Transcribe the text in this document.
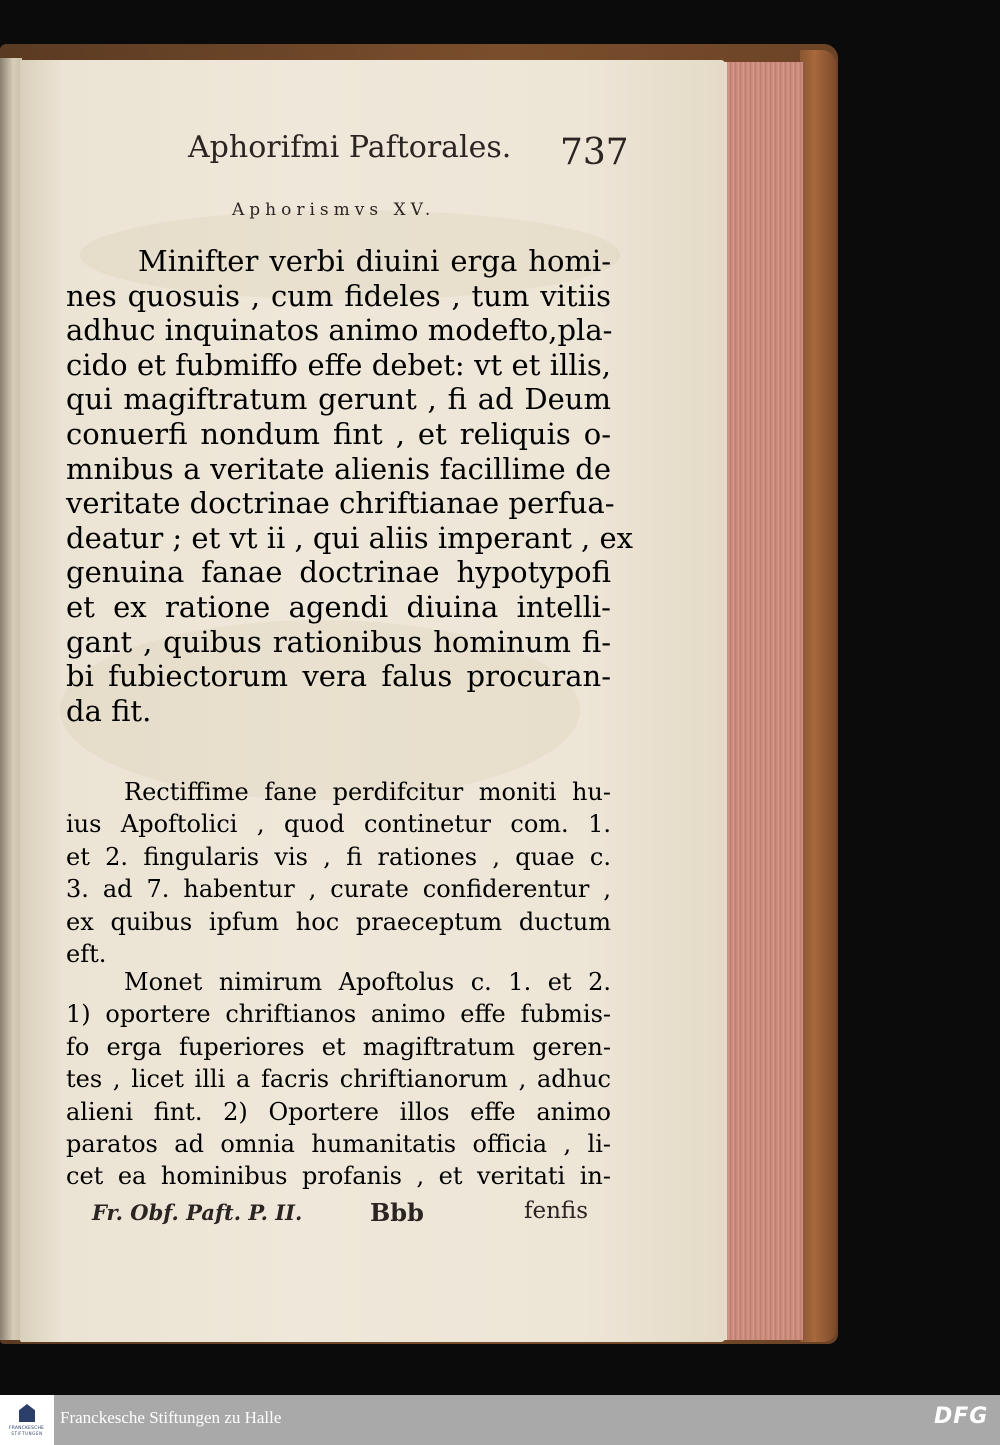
Aphorifmi Paftorales. 737
Aphorismvs XV.

Minifter verbi diuini erga homi-
nes quosuis , cum fideles , tum vitiis
adhuc inquinatos animo modefto,pla-
cido et fubmiffo effe debet: vt et illis,
qui magiftratum gerunt , fi ad Deum
conuerfi nondum fint , et reliquis o-
mnibus a veritate alienis facillime de
veritate doctrinae chriftianae perfua-
deatur ; et vt ii , qui aliis imperant , ex
genuina fanae doctrinae hypotypofi
et ex ratione agendi diuina intelli-
gant , quibus rationibus hominum fi-
bi fubiectorum vera falus procuran-
da fit.

Rectiffime fane perdifcitur moniti hu-
ius Apoftolici , quod continetur com. 1.
et 2. fingularis vis , fi rationes , quae c.
3. ad 7. habentur , curate confiderentur ,
ex quibus ipfum hoc praeceptum ductum
eft.

Monet nimirum Apoftolus c. 1. et 2.
1) oportere chriftianos animo effe fubmis-
fo erga fuperiores et magiftratum geren-
tes , licet illi a facris chriftianorum , adhuc
alieni fint. 2) Oportere illos effe animo
paratos ad omnia humanitatis officia , li-
cet ea hominibus profanis , et veritati in-

Fr. Obf. Paft. P. II.	Bbb	fenfis
FRANCKESCHE
STIFTUNGEN
Franckesche Stiftungen zu Halle	DFG
